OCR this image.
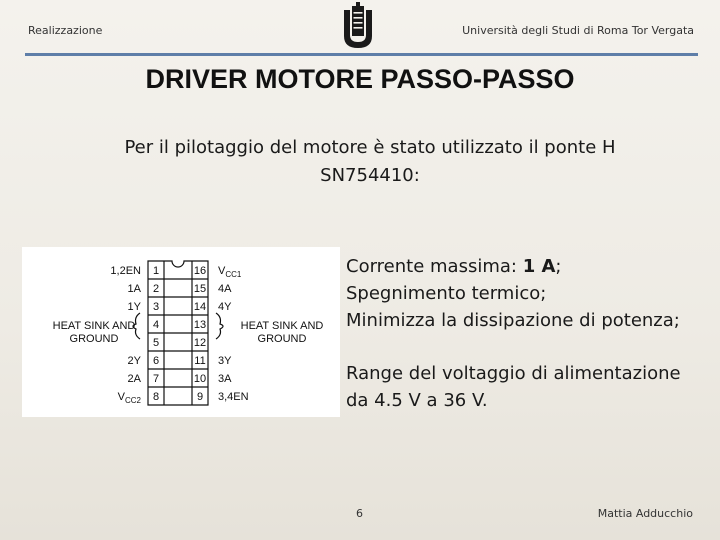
Realizzazione	Università degli Studi di Roma Tor Vergata
DRIVER MOTORE PASSO-PASSO
Per il pilotaggio del motore è stato utilizzato il ponte H
SN754410:
1
1,2EN
2
1A
3
1Y
4
5
6
2Y
7
2A
8
$V_{CC2}$
16 $V_{CC1}$
15 4A
14 4Y
13
12
11 3Y
10 3A
9 3,4EN
HEAT SINK AND
GROUND
HEAT SINK AND
GROUND

Corrente massima: 1 A;

Spegnimento termico;

Minimizza la dissipazione di potenza;

Range del voltaggio di alimentazione

da 4.5 V a 36 V.

6	Mattia Adducchio
